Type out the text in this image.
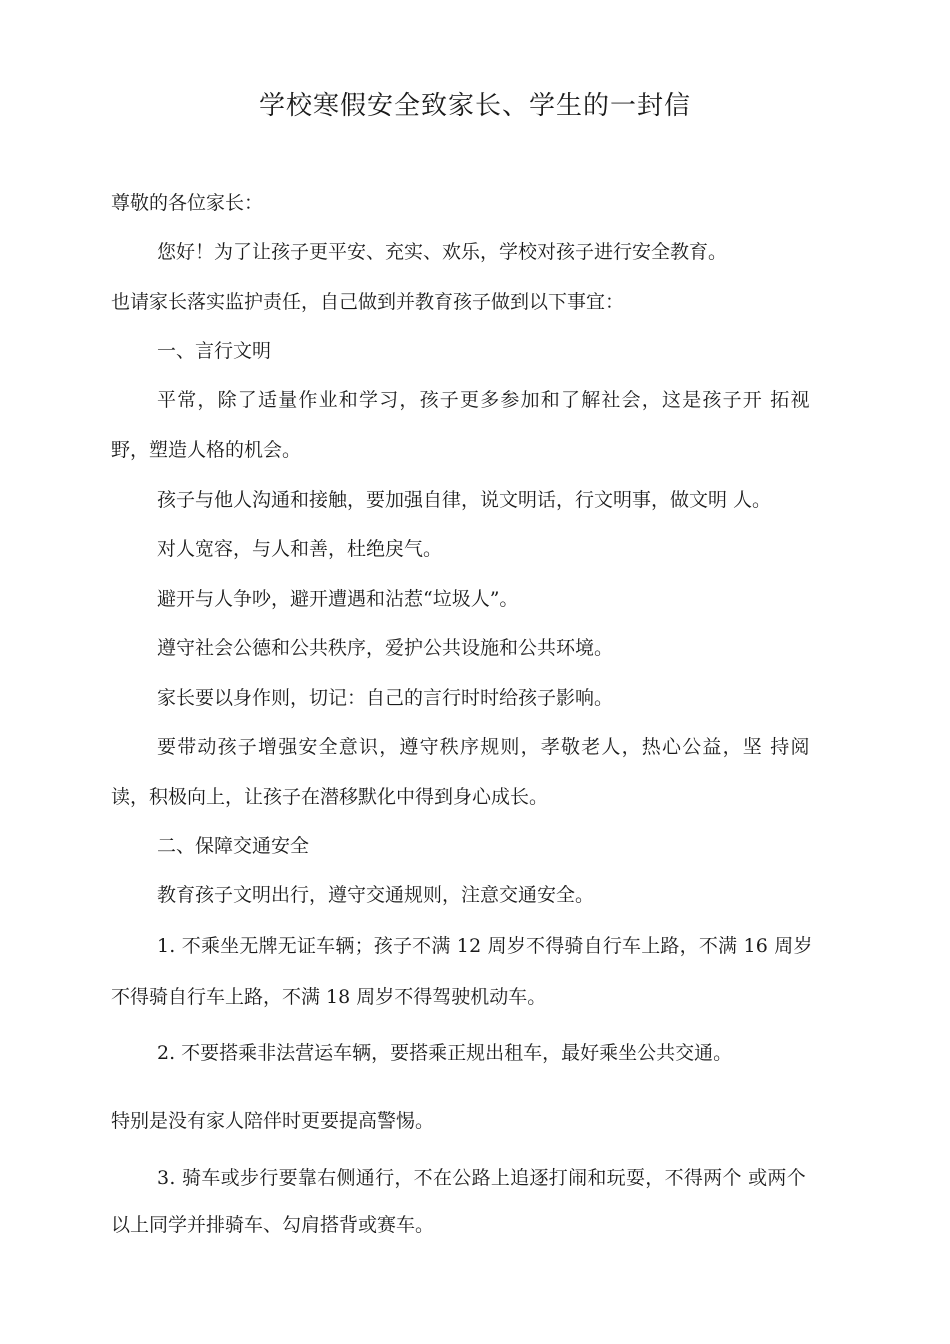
学校寒假安全致家长、学生的一封信
尊敬的各位家长：
您好！为了让孩子更平安、充实、欢乐，学校对孩子进行安全教育。
也请家长落实监护责任，自己做到并教育孩子做到以下事宜：
一、言行文明
平常，除了适量作业和学习，孩子更多参加和了解社会，这是孩子开 拓视
野，塑造人格的机会。
孩子与他人沟通和接触，要加强自律，说文明话，行文明事，做文明 人。
对人宽容，与人和善，杜绝戾气。
避开与人争吵，避开遭遇和沾惹“垃圾人”。
遵守社会公德和公共秩序，爱护公共设施和公共环境。
家长要以身作则，切记：自己的言行时时给孩子影响。
要带动孩子增强安全意识，遵守秩序规则，孝敬老人，热心公益，坚 持阅
读，积极向上，让孩子在潜移默化中得到身心成长。
二、保障交通安全
教育孩子文明出行，遵守交通规则，注意交通安全。
1. 不乘坐无牌无证车辆；孩子不满 12 周岁不得骑自行车上路，不满 16 周岁
不得骑自行车上路，不满 18 周岁不得驾驶机动车。
2. 不要搭乘非法营运车辆，要搭乘正规出租车，最好乘坐公共交通。
特别是没有家人陪伴时更要提高警惕。
3. 骑车或步行要靠右侧通行，不在公路上追逐打闹和玩耍，不得两个 或两个
以上同学并排骑车、勾肩搭背或赛车。
